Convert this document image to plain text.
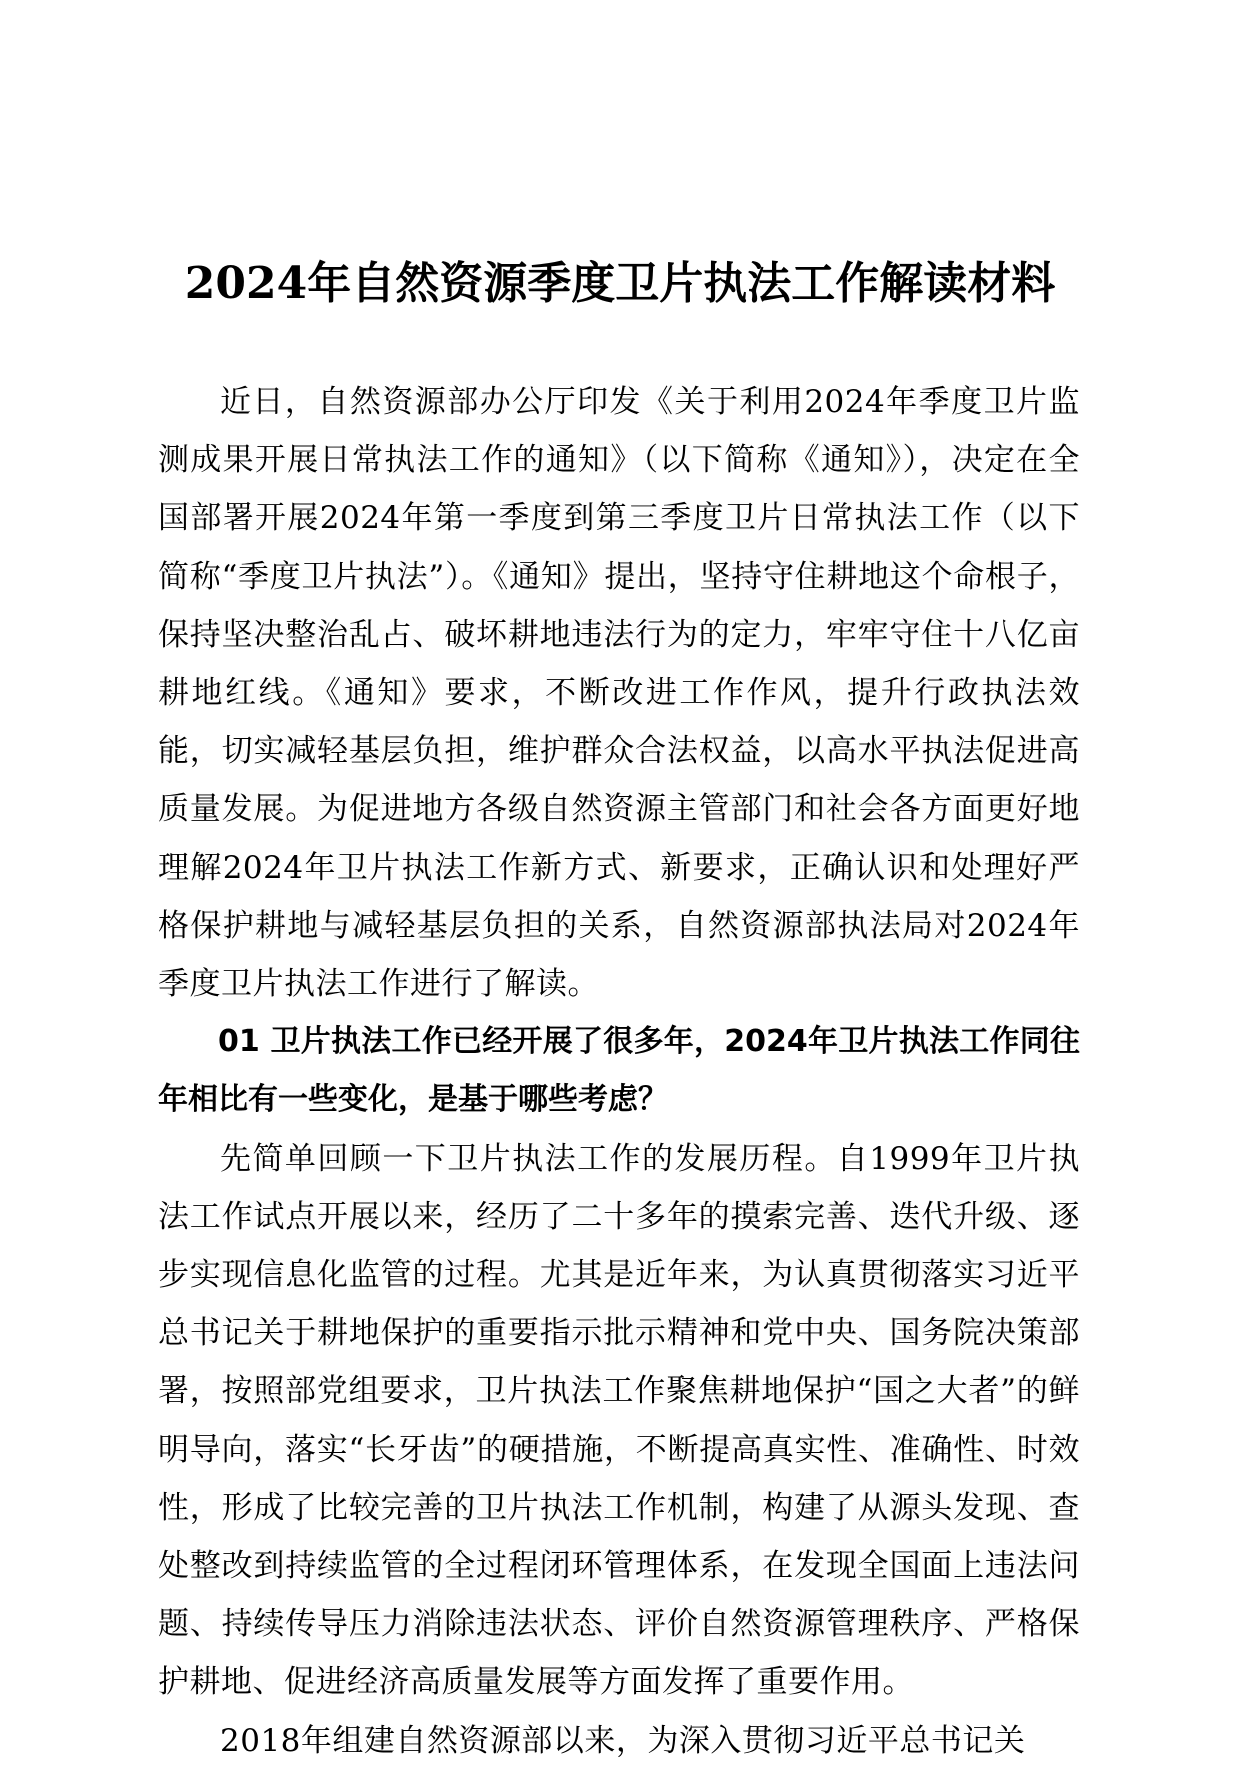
2024年自然资源季度卫片执法工作解读材料

近日，自然资源部办公厅印发《关于利用2024年季度卫片监测成果开展日常执法工作的通知》（以下简称《通知》），决定在全国部署开展2024年第一季度到第三季度卫片日常执法工作（以下简称“季度卫片执法”）。《通知》提出，坚持守住耕地这个命根子，保持坚决整治乱占、破坏耕地违法行为的定力，牢牢守住十八亿亩耕地红线。《通知》要求，不断改进工作作风，提升行政执法效能，切实减轻基层负担，维护群众合法权益，以高水平执法促进高质量发展。为促进地方各级自然资源主管部门和社会各方面更好地理解2024年卫片执法工作新方式、新要求，正确认识和处理好严格保护耕地与减轻基层负担的关系，自然资源部执法局对2024年季度卫片执法工作进行了解读。

01 卫片执法工作已经开展了很多年，2024年卫片执法工作同往年相比有一些变化，是基于哪些考虑？

先简单回顾一下卫片执法工作的发展历程。自1999年卫片执法工作试点开展以来，经历了二十多年的摸索完善、迭代升级、逐步实现信息化监管的过程。尤其是近年来，为认真贯彻落实习近平总书记关于耕地保护的重要指示批示精神和党中央、国务院决策部署，按照部党组要求，卫片执法工作聚焦耕地保护“国之大者”的鲜明导向，落实“长牙齿”的硬措施，不断提高真实性、准确性、时效性，形成了比较完善的卫片执法工作机制，构建了从源头发现、查处整改到持续监管的全过程闭环管理体系，在发现全国面上违法问题、持续传导压力消除违法状态、评价自然资源管理秩序、严格保护耕地、促进经济高质量发展等方面发挥了重要作用。

2018年组建自然资源部以来，为深入贯彻习近平总书记关
